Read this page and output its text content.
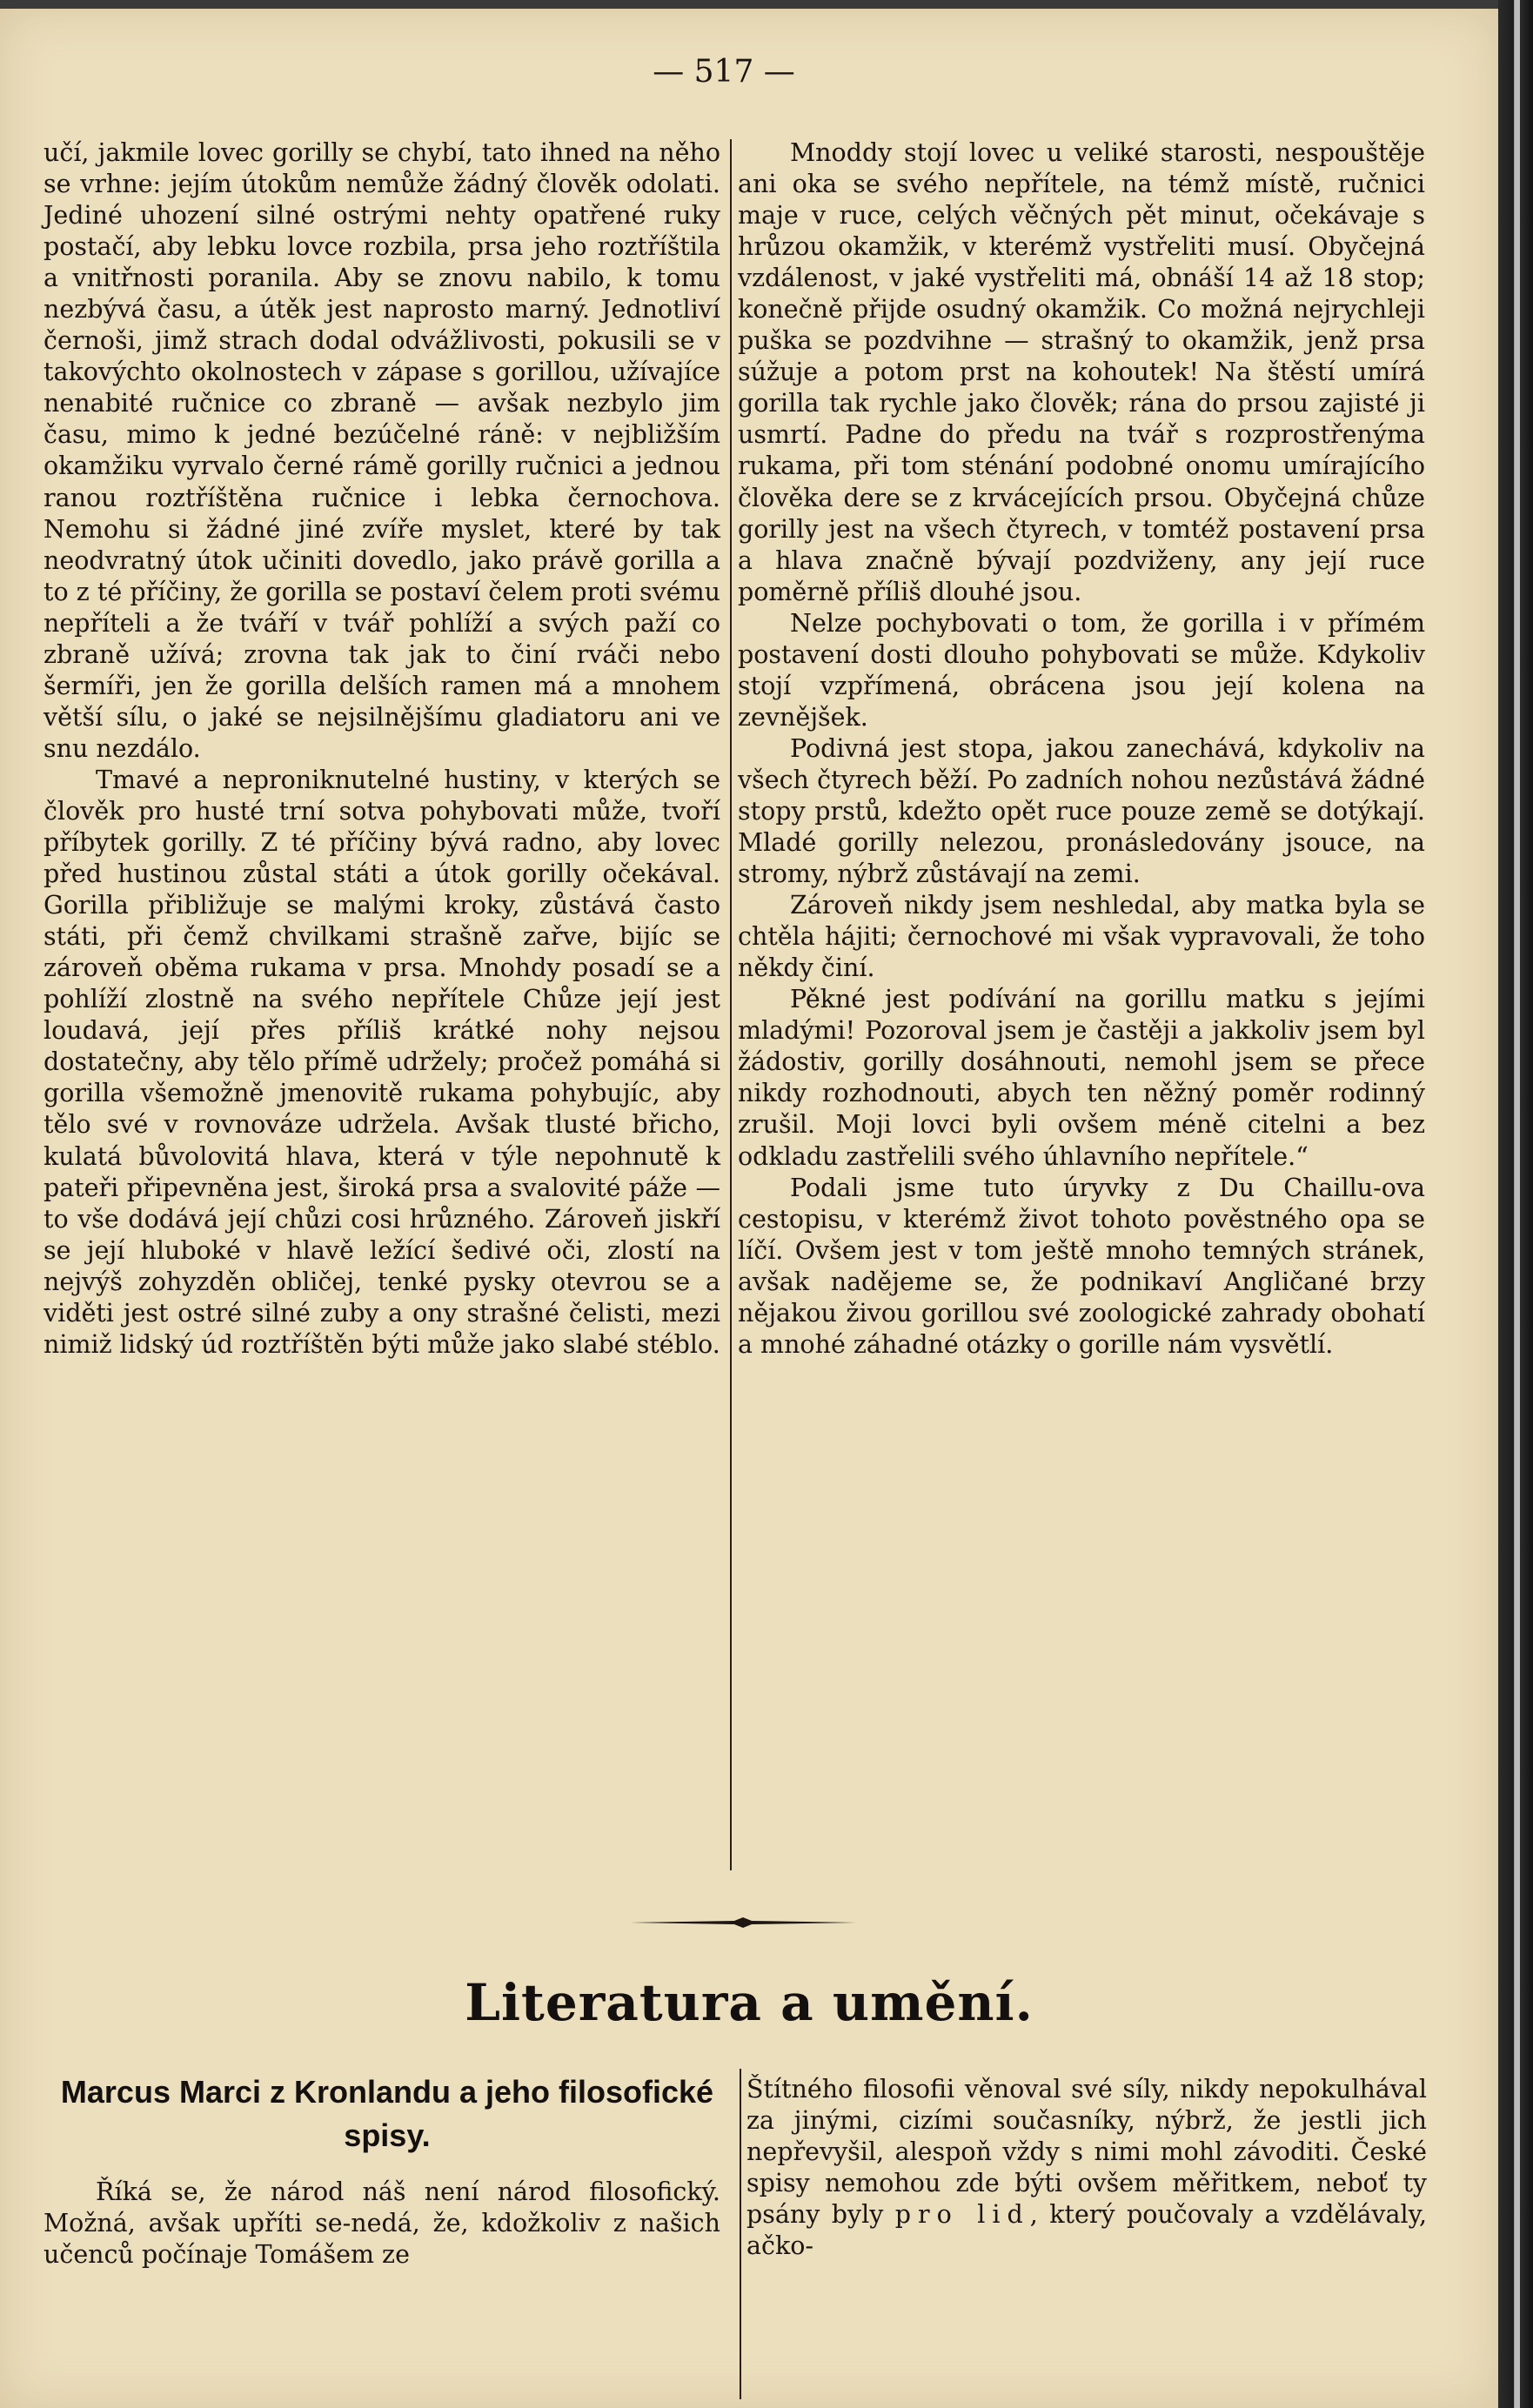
— 517 —

učí, jakmile lovec gorilly se chybí, tato ihned na něho se vrhne: jejím útokům nemůže žádný člověk odolati. Jediné uhození silné ostrými nehty opatřené ruky postačí, aby lebku lovce rozbila, prsa jeho roztříštila a vnitřnosti porаnila. Aby se znovu nabilo, k tomu nezbývá času, a útěk jest naprosto marný. Jednotliví černoši, jimž strach dodal odvážlivosti, pokusili se v takovýchto okolnostech v zápase s gorillou, užívajíce nenabité ručnice co zbraně — avšak nezbylo jim času, mimo k jedné bezúčelné ráně: v nejbližším okamžiku vyrvalo černé rámě gorilly ručnici a jednou ranou roztříštěna ručnice i lebka černochova. Nemohu si žádné jiné zvíře myslet, které by tak neodvratný útok učiniti dovedlo, jako právě gorilla a to z té příčiny, že gorilla se postaví čelem proti svému nepříteli a že tváří v tvář pohlíží a svých paží co zbraně užívá; zrovna tak jak to činí rváči nebo šermíři, jen že gorilla delších ramen má a mnohem větší sílu, o jaké se nejsilnějšímu gladiatoru ani ve snu nezdálo.

Tmavé a neproniknutelné hustiny, v kterých se člověk pro husté trní sotva pohybovati může, tvoří příbytek gorilly. Z té příčiny bývá radno, aby lovec před hustinou zůstal státi a útok gorilly očekával. Gorilla přibližuje se malými kroky, zůstává často státi, při čemž chvilkami strašně zařve, bijíc se zároveň oběma rukama v prsa. Mnohdy posadí se a pohlíží zlostně na svého nepřítele Chůze její jest loudavá, její přes příliš krátké nohy nejsou dostatečny, aby tělo přímě udržely; pročež pomáhá si gorilla všemožně jmenovitě rukama pohybujíc, aby tělo své v rovnováze udržela. Avšak tlusté břicho, kulatá bůvolovitá hlava, která v týle nepohnutě k pateři připevněna jest, široká prsa a svalovité páže — to vše dodává její chůzi cosi hrůzného. Zároveň jiskří se její hluboké v hlavě ležící šedivé oči, zlostí na nejvýš zohyzděn obličej, tenké pysky otevrou se a viděti jest ostré silné zuby a ony strašné čelisti, mezi nimiž lidský úd roztříštěn býti může jako slabé stéblo.

Mnoddy stojí lovec u veliké starosti, nespouštěje ani oka se svého nepřítele, na témž místě, ručnici maje v ruce, celých věčných pět minut, očekávaje s hrůzou okamžik, v kterémž vystřeliti musí. Obyčejná vzdálenost, v jaké vystřeliti má, obnáší 14 až 18 stop; konečně přijde osudný okamžik. Co možná nejrychleji puška se pozdvihne — strašný to okamžik, jenž prsa súžuje a potom prst na kohoutek! Na štěstí umírá gorilla tak rychle jako člověk; rána do prsou zajisté ji usmrtí. Padne do předu na tvář s rozprostřenýma rukama, při tom sténání podobné onomu umírajícího člověka dere se z krvácejících prsou. Obyčejná chůze gorilly jest na všech čtyrech, v tomtéž postavení prsa a hlava značně bývají pozdviženy, any její ruce poměrně příliš dlouhé jsou.

Nelze pochybovati o tom, že gorilla i v přímém postavení dosti dlouho pohybovati se může. Kdykoliv stojí vzpřímená, obrácena jsou její kolena na zevnějšek.

Podivná jest stopa, jakou zanechává, kdykoliv na všech čtyrech běží. Po zadních nohou nezůstává žádné stopy prstů, kdežto opět ruce pouze země se dotýkají. Mladé gorilly nelezou, pronásledovány jsouce, na stromy, nýbrž zůstávají na zemi.

Zároveň nikdy jsem neshledal, aby matka byla se chtěla hájiti; černochové mi však vypravovali, že toho někdy činí.

Pěkné jest podívání na gorillu matku s jejími mladými! Pozoroval jsem je častěji a jakkoliv jsem byl žádostiv, gorilly dosáhnouti, nemohl jsem se přece nikdy rozhodnouti, abych ten něžný poměr rodinný zrušil. Moji lovci byli ovšem méně citelni a bez odkladu zastřelili svého úhlavního nepřítele.“

Podali jsme tuto úryvky z Du Chaillu-ova cestopisu, v kterémž život tohoto pověstného opa se líčí. Ovšem jest v tom ještě mnoho temných stránek, avšak nadějeme se, že podnikaví Angličané brzy nějakou živou gorillou své zoologické zahrady obohatí a mnohé záhadné otázky o gorille nám vysvětlí.

Literatura a umění.
Marcus Marci z Kronlandu a jeho filosofické spisy.

Říká se, že národ náš není národ filosofický. Možná, avšak upříti se-nedá, že, kdožkoliv z našich učenců počínaje Tomášem ze

Štítného filosofii věnoval své síly, nikdy nepokulhával za jinými, cizími současníky, nýbrž, že jestli jich nepřevyšil, alespoň vždy s nimi mohl závoditi. České spisy nemohou zde býti ovšem měřitkem, neboť ty psány byly pro lid, který poučovaly a vzdělávaly, ačko-
